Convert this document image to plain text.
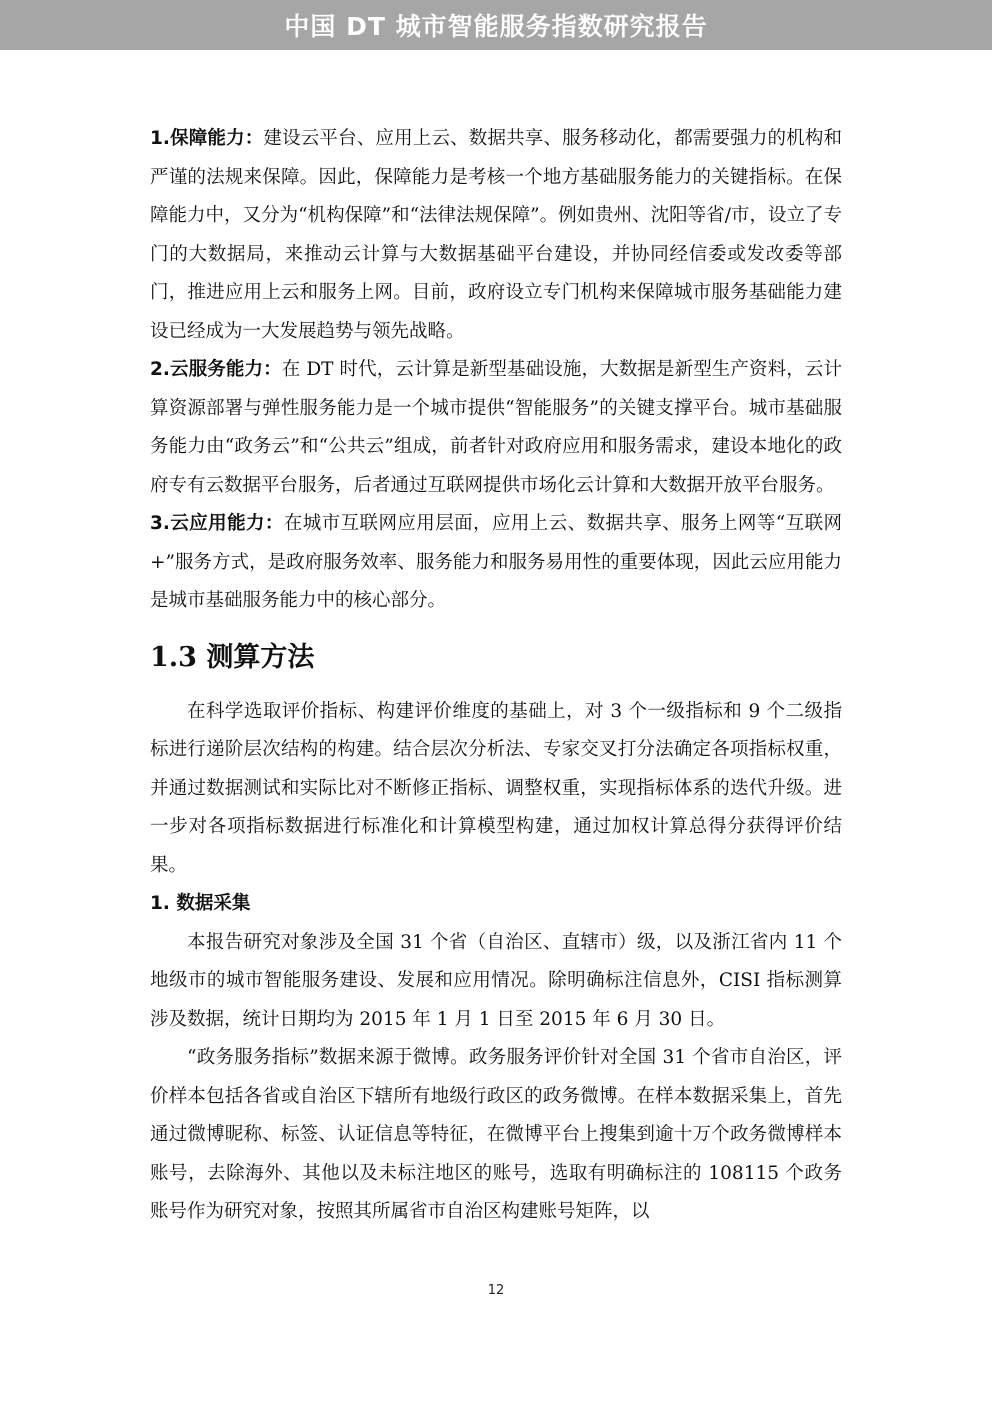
中国 DT 城市智能服务指数研究报告

1.保障能力：建设云平台、应用上云、数据共享、服务移动化，都需要强力的机构和严谨的法规来保障。因此，保障能力是考核一个地方基础服务能力的关键指标。在保障能力中，又分为“机构保障”和“法律法规保障”。例如贵州、沈阳等省/市，设立了专门的大数据局，来推动云计算与大数据基础平台建设，并协同经信委或发改委等部门，推进应用上云和服务上网。目前，政府设立专门机构来保障城市服务基础能力建设已经成为一大发展趋势与领先战略。

2.云服务能力：在 DT 时代，云计算是新型基础设施，大数据是新型生产资料，云计算资源部署与弹性服务能力是一个城市提供“智能服务”的关键支撑平台。城市基础服务能力由“政务云”和“公共云”组成，前者针对政府应用和服务需求，建设本地化的政府专有云数据平台服务，后者通过互联网提供市场化云计算和大数据开放平台服务。

3.云应用能力：在城市互联网应用层面，应用上云、数据共享、服务上网等“互联网+”服务方式，是政府服务效率、服务能力和服务易用性的重要体现，因此云应用能力是城市基础服务能力中的核心部分。

1.3 测算方法

在科学选取评价指标、构建评价维度的基础上，对 3 个一级指标和 9 个二级指标进行递阶层次结构的构建。结合层次分析法、专家交叉打分法确定各项指标权重，并通过数据测试和实际比对不断修正指标、调整权重，实现指标体系的迭代升级。进一步对各项指标数据进行标准化和计算模型构建，通过加权计算总得分获得评价结果。

1. 数据采集

本报告研究对象涉及全国 31 个省（自治区、直辖市）级，以及浙江省内 11 个地级市的城市智能服务建设、发展和应用情况。除明确标注信息外，CISI 指标测算涉及数据，统计日期均为 2015 年 1 月 1 日至 2015 年 6 月 30 日。

“政务服务指标”数据来源于微博。政务服务评价针对全国 31 个省市自治区，评价样本包括各省或自治区下辖所有地级行政区的政务微博。在样本数据采集上，首先通过微博昵称、标签、认证信息等特征，在微博平台上搜集到逾十万个政务微博样本账号，去除海外、其他以及未标注地区的账号，选取有明确标注的 108115 个政务账号作为研究对象，按照其所属省市自治区构建账号矩阵，以

12
